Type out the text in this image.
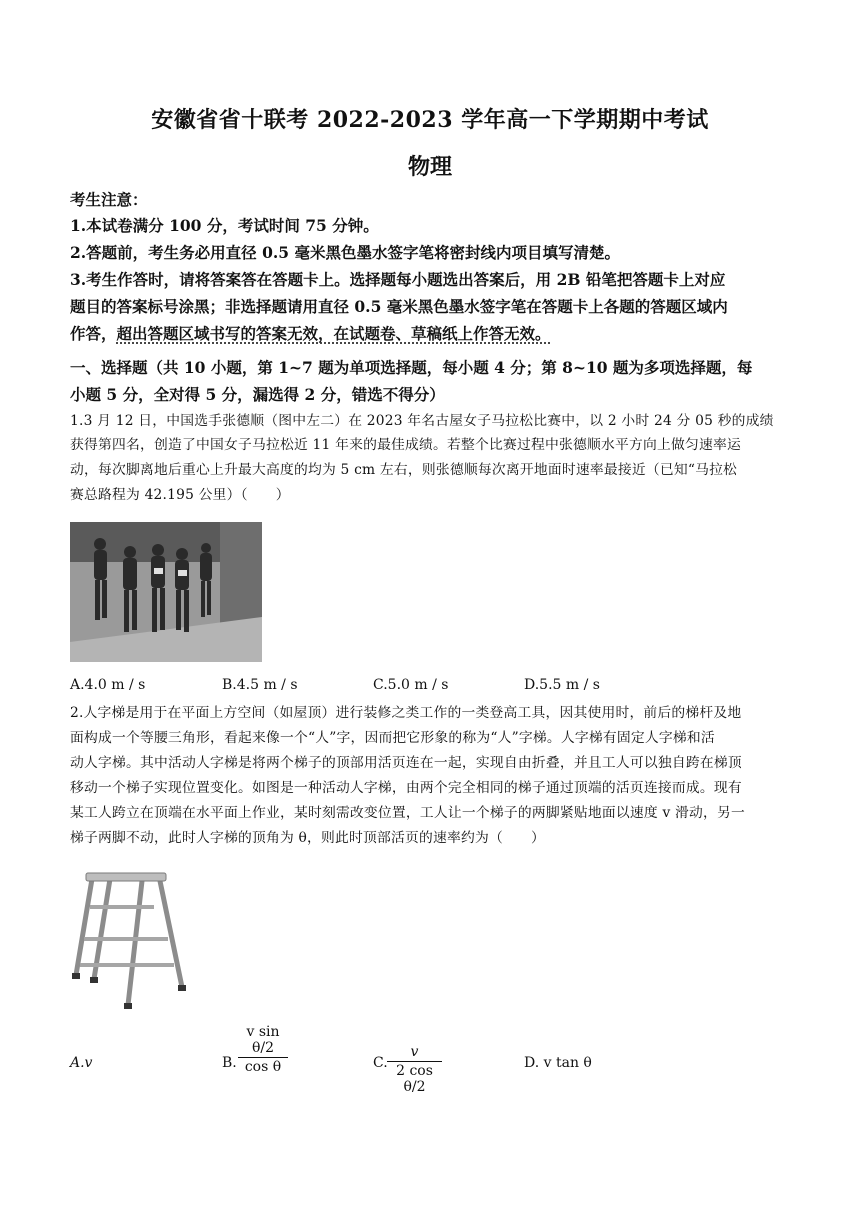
安徽省省十联考 2022-2023 学年高一下学期期中考试
物理
考生注意：
1.本试卷满分 100 分，考试时间 75 分钟。
2.答题前，考生务必用直径 0.5 毫米黑色墨水签字笔将密封线内项目填写清楚。
3.考生作答时，请将答案答在答题卡上。选择题每小题选出答案后，用 2B 铅笔把答题卡上对应
题目的答案标号涂黑；非选择题请用直径 0.5 毫米黑色墨水签字笔在答题卡上各题的答题区域内
作答，超出答题区域书写的答案无效，在试题卷、草稿纸上作答无效。
一、选择题（共 10 小题，第 1~7 题为单项选择题，每小题 4 分；第 8~10 题为多项选择题，每
小题 5 分，全对得 5 分，漏选得 2 分，错选不得分）
1.3 月 12 日，中国选手张德顺（图中左二）在 2023 年名古屋女子马拉松比赛中，以 2 小时 24 分 05 秒的成绩
获得第四名，创造了中国女子马拉松近 11 年来的最佳成绩。若整个比赛过程中张德顺水平方向上做匀速率运
动，每次脚离地后重心上升最大高度的均为 5 cm 左右，则张德顺每次离开地面时速率最接近（已知“马拉松
赛总路程为 42.195 公里）（　　）
A.4.0 m / s	B.4.5 m / s	C.5.0 m / s	D.5.5 m / s
2.人字梯是用于在平面上方空间（如屋顶）进行装修之类工作的一类登高工具，因其使用时，前后的梯杆及地
面构成一个等腰三角形，看起来像一个“人”字，因而把它形象的称为“人”字梯。人字梯有固定人字梯和活
动人字梯。其中活动人字梯是将两个梯子的顶部用活页连在一起，实现自由折叠，并且工人可以独自跨在梯顶
移动一个梯子实现位置变化。如图是一种活动人字梯，由两个完全相同的梯子通过顶端的活页连接而成。现有
某工人跨立在顶端在水平面上作业，某时刻需改变位置，工人让一个梯子的两脚紧贴地面以速度 v 滑动，另一
梯子两脚不动，此时人字梯的顶角为 θ，则此时顶部活页的速率约为（　　）
A.v	B.
v sin θ/2
cos θ	C.
v
2 cos θ/2
D. v tan θ
